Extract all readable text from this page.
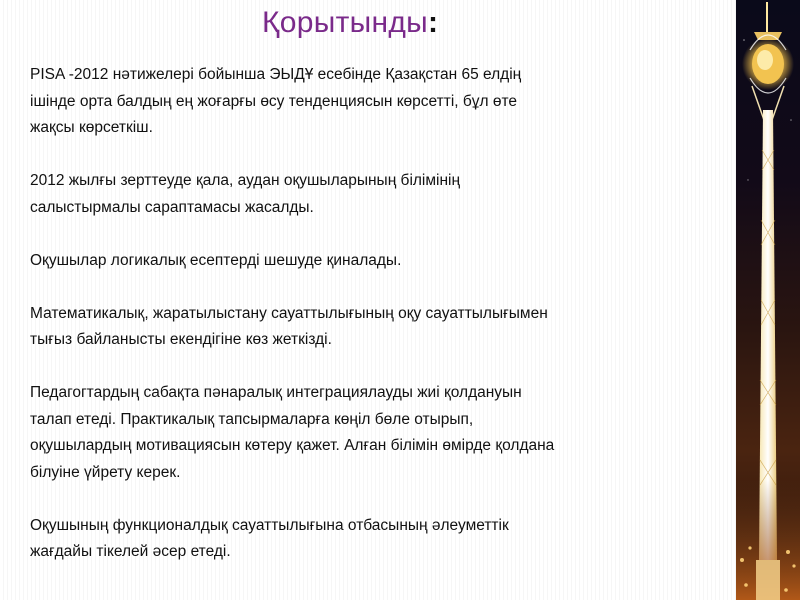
Қорытынды:
PISA -2012 нәтижелері бойынша ЭЫДҰ есебінде Қазақстан 65 елдің
ішінде орта балдың ең жоғарғы өсу тенденциясын көрсетті, бұл өте
жақсы көрсеткіш.
2012 жылғы зерттеуде қала, аудан оқушыларының білімінің
салыстырмалы сараптамасы жасалды.
Оқушылар логикалық есептерді шешуде қиналады.
Математикалық, жаратылыстану сауаттылығының оқу сауаттылығымен
тығыз байланысты екендігіне көз жеткізді.
Педагогтардың сабақта пәнаралық интеграциялауды жиі қолдануын
талап етеді. Практикалық тапсырмаларға көңіл бөле отырып,
оқушылардың мотивациясын көтеру қажет. Алған білімін өмірде қолдана
білуіне үйрету керек.
Оқушының функционалдық сауаттылығына отбасының әлеуметтік
жағдайы тікелей әсер етеді.
